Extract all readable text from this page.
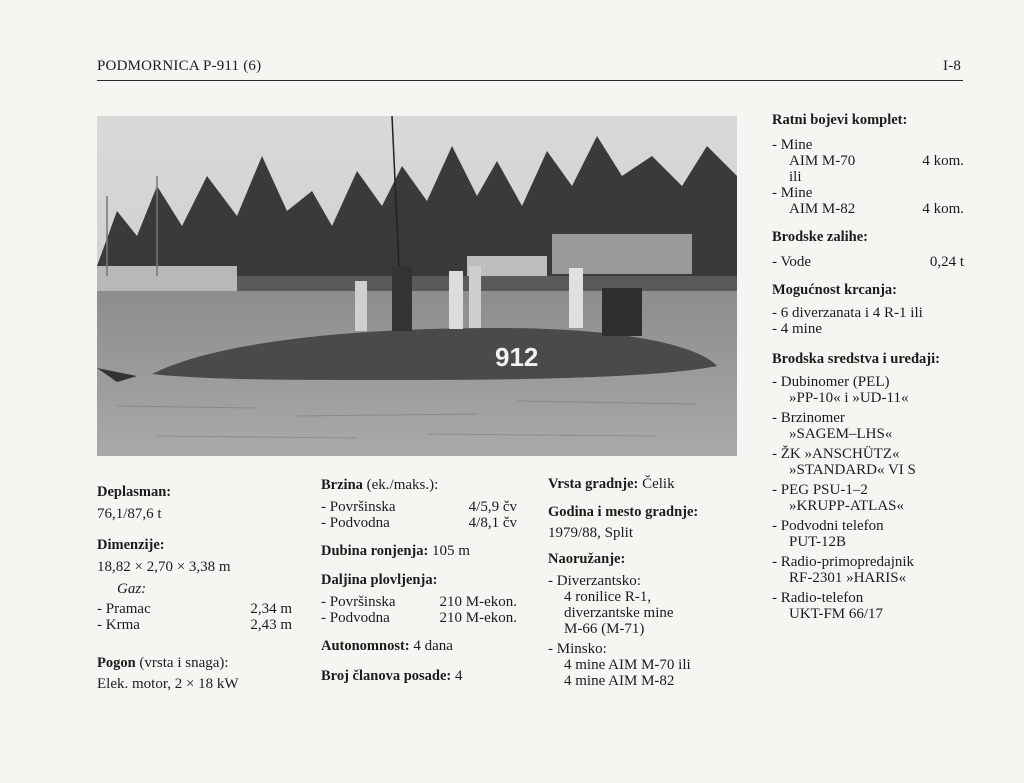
PODMORNICA P-911 (6)	I-8
912
Deplasman:
76,1/87,6 t
Dimenzije:
18,82 × 2,70 × 3,38 m
Gaz:
- Pramac	2,34 m
- Krma	2,43 m
Pogon (vrsta i snaga):
Elek. motor, 2 × 18 kW
Brzina (ek./maks.):
- Površinska	4/5,9 čv
- Podvodna	4/8,1 čv
Dubina ronjenja: 105 m
Daljina plovljenja:
- Površinska	210 M-ekon.
- Podvodna	210 M-ekon.
Autonomnost: 4 dana
Broj članova posade: 4
Vrsta gradnje: Čelik
Godina i mesto gradnje:
1979/88, Split
Naoružanje:
- Diverzantsko:
4 ronilice R-1,
diverzantske mine
M-66 (M-71)
- Minsko:
4 mine AIM M-70 ili
4 mine AIM M-82
Ratni bojevi komplet:
- Mine
AIM M-70	4 kom.
ili
- Mine
AIM M-82	4 kom.
Brodske zalihe:
- Vode	0,24 t
Mogućnost krcanja:
- 6 diverzanata i 4 R-1 ili
- 4 mine
Brodska sredstva i uređaji:
- Dubinomer (PEL)
»PP-10« i »UD-11«
- Brzinomer
»SAGEM–LHS«
- ŽK »ANSCHÜTZ«
»STANDARD« VI S
- PEG PSU-1–2
»KRUPP-ATLAS«
- Podvodni telefon
PUT-12B
- Radio-primopredajnik
RF-2301 »HARIS«
- Radio-telefon
UKT-FM 66/17
